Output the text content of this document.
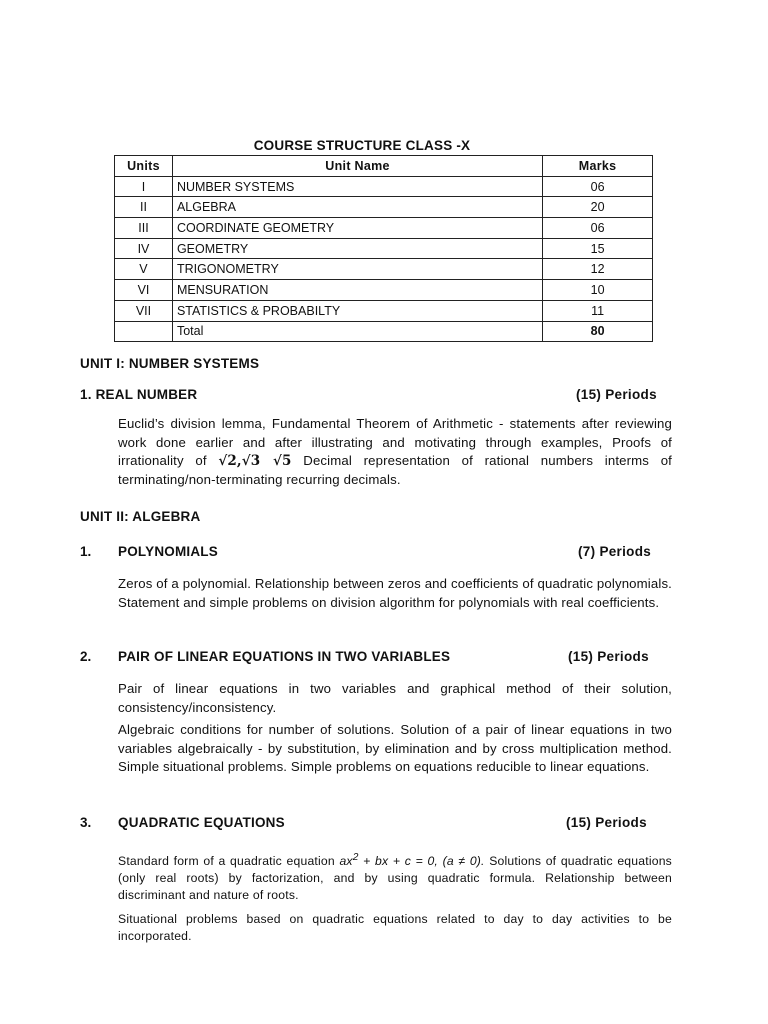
COURSE STRUCTURE CLASS -X
Units	Unit Name	Marks
I	NUMBER SYSTEMS	06
II	ALGEBRA	20
III	COORDINATE GEOMETRY	06
IV	GEOMETRY	15
V	TRIGONOMETRY	12
VI	MENSURATION	10
VII	STATISTICS & PROBABILTY	11
	Total	80
UNIT I: NUMBER SYSTEMS
1. REAL NUMBER	(15) Periods
Euclid’s division lemma, Fundamental Theorem of Arithmetic - statements after reviewing work done earlier and after illustrating and motivating through examples, Proofs of irrationality of √2,√3 √5 Decimal representation of rational numbers interms of terminating/non-terminating recurring decimals.
UNIT II: ALGEBRA
1. POLYNOMIALS	(7) Periods
Zeros of a polynomial. Relationship between zeros and coefficients of quadratic polynomials. Statement and simple problems on division algorithm for polynomials with real coefficients.
2. PAIR OF LINEAR EQUATIONS IN TWO VARIABLES	(15) Periods
Pair of linear equations in two variables and graphical method of their solution, consistency/inconsistency.
Algebraic conditions for number of solutions. Solution of a pair of linear equations in two variables algebraically - by substitution, by elimination and by cross multiplication method. Simple situational problems. Simple problems on equations reducible to linear equations.
3. QUADRATIC EQUATIONS	(15) Periods
Standard form of a quadratic equation $ax^2$ + bx + c = 0, (a ≠ 0). Solutions of quadratic equations (only real roots) by factorization, and by using quadratic formula. Relationship between discriminant and nature of roots.
Situational problems based on quadratic equations related to day to day activities to be incorporated.
